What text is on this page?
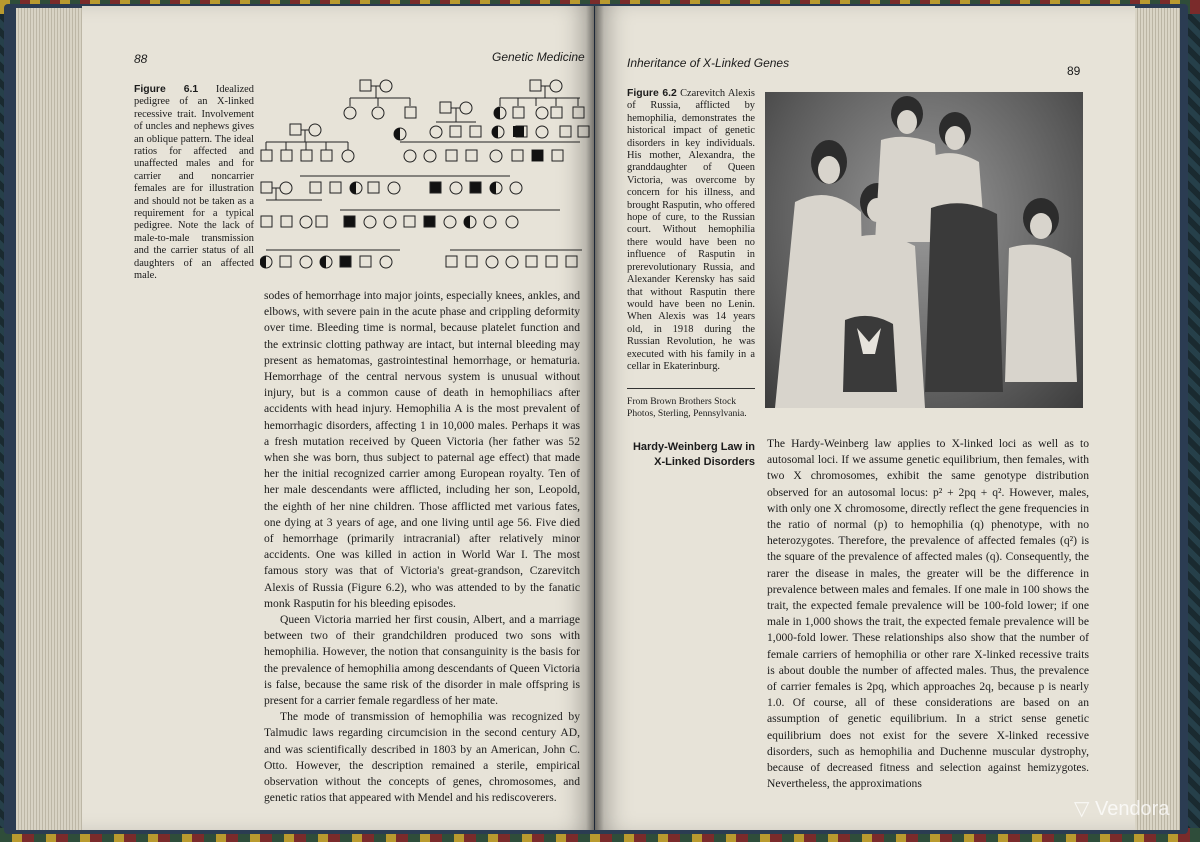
88	Genetic Medicine
Figure 6.1 Idealized pedigree of an X-linked recessive trait. Involvement of uncles and nephews gives an oblique pattern. The ideal ratios for affected and unaffected males and for carrier and noncarrier females are for illustration and should not be taken as a requirement for a typical pedigree. Note the lack of male-to-male transmission and the carrier status of all daughters of an affected male.

sodes of hemorrhage into major joints, especially knees, ankles, and elbows, with severe pain in the acute phase and crippling deformity over time. Bleeding time is normal, because platelet function and the extrinsic clotting pathway are intact, but internal bleeding may present as hematomas, gastrointestinal hemorrhage, or hematuria. Hemorrhage of the central nervous system is unusual without injury, but is a common cause of death in hemophiliacs after accidents with head injury. Hemophilia A is the most prevalent of hemorrhagic disorders, affecting 1 in 10,000 males. Perhaps it was a fresh mutation received by Queen Victoria (her father was 52 when she was born, thus subject to paternal age effect) that made her the initial recognized carrier among European royalty. Ten of her male descendants were afflicted, including her son, Leopold, the eighth of her nine children. Those afflicted met various fates, one dying at 3 years of age, and one living until age 56. Five died of hemorrhage (primarily intracranial) after relatively minor accidents. One was killed in action in World War I. The most famous story was that of Victoria's great-grandson, Czarevitch Alexis of Russia (Figure 6.2), who was attended to by the fanatic monk Rasputin for his bleeding episodes.

Queen Victoria married her first cousin, Albert, and a marriage between two of their grandchildren produced two sons with hemophilia. However, the notion that consanguinity is the basis for the prevalence of hemophilia among descendants of Queen Victoria is false, because the same risk of the disorder in male offspring is present for a carrier female regardless of her mate.

The mode of transmission of hemophilia was recognized by Talmudic laws regarding circumcision in the second century AD, and was scientifically described in 1803 by an American, John C. Otto. However, the description remained a sterile, empirical observation without the concepts of genes, chromosomes, and genetic ratios that appeared with Mendel and his rediscoverers.

Inheritance of X-Linked Genes
89
Figure 6.2 Czarevitch Alexis of Russia, afflicted by hemophilia, demonstrates the historical impact of genetic disorders in key individuals. His mother, Alexandra, the granddaughter of Queen Victoria, was overcome by concern for his illness, and brought Rasputin, who offered hope of cure, to the Russian court. Without hemophilia there would have been no influence of Rasputin in prerevolutionary Russia, and Alexander Kerensky has said that without Rasputin there would have been no Lenin. When Alexis was 14 years old, in 1918 during the Russian Revolution, he was executed with his family in a cellar in Ekaterinburg.
From Brown Brothers Stock Photos, Sterling, Pennsylvania.
Hardy-Weinberg Law in X-Linked Disorders

The Hardy-Weinberg law applies to X-linked loci as well as to autosomal loci. If we assume genetic equilibrium, then females, with two X chromosomes, exhibit the same genotype distribution observed for an autosomal locus: p² + 2pq + q². However, males, with only one X chromosome, directly reflect the gene frequencies in the ratio of normal (p) to hemophilia (q) phenotype, with no heterozygotes. Therefore, the prevalence of affected females (q²) is the square of the prevalence of affected males (q). Consequently, the rarer the disease in males, the greater will be the difference in prevalence between males and females. If one male in 100 shows the trait, the expected female prevalence will be 100-fold lower; if one male in 1,000 shows the trait, the expected female prevalence will be 1,000-fold lower. These relationships also show that the number of female carriers of hemophilia or other rare X-linked recessive traits is about double the number of affected males. Thus, the prevalence of carrier females is 2pq, which approaches 2q, because p is nearly 1.0. Of course, all of these considerations are based on an assumption of genetic equilibrium. In a strict sense genetic equilibrium does not exist for the severe X-linked recessive disorders, such as hemophilia and Duchenne muscular dystrophy, because of decreased fitness and selection against hemizygotes. Nevertheless, the approximations

▽ Vendora
